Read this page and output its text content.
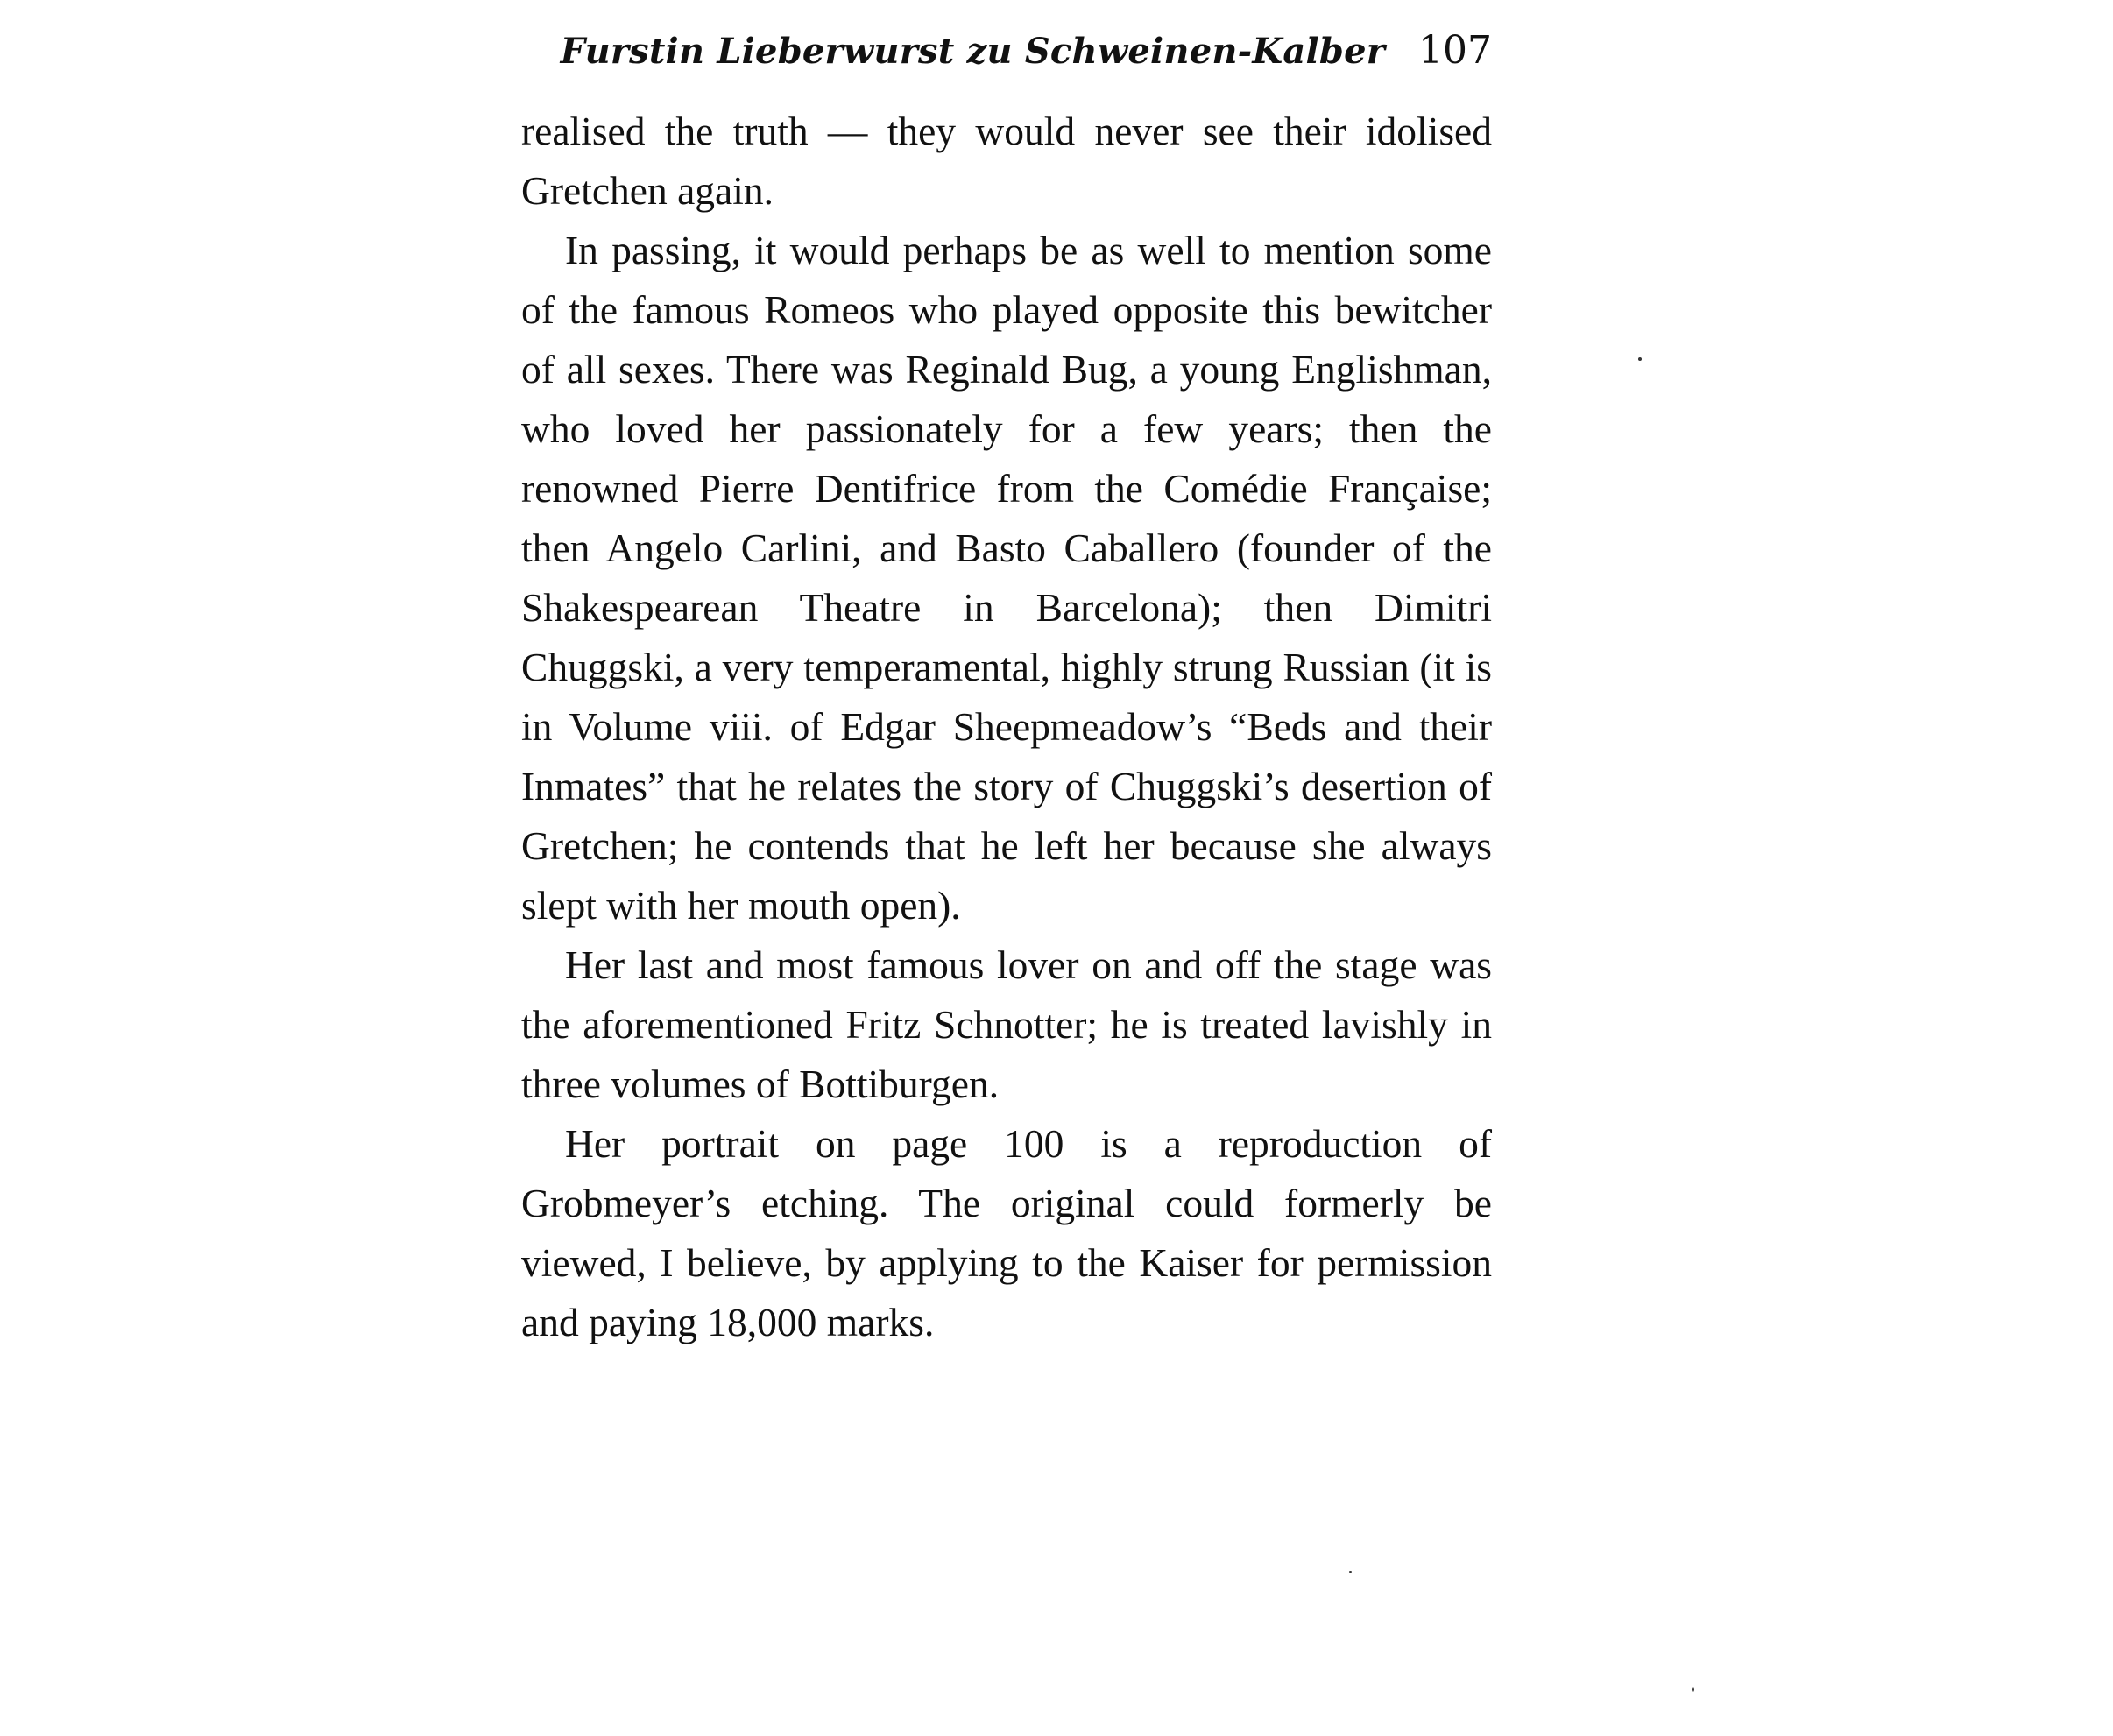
Furstin Lieberwurst zu Schweinen-Kalber 107

realised the truth — they would never see their idolised Gretchen again.

In passing, it would perhaps be as well to mention some of the famous Romeos who played opposite this bewitcher of all sexes. There was Reginald Bug, a young Englishman, who loved her passionately for a few years; then the renowned Pierre Dentifrice from the Comédie Française; then Angelo Carlini, and Basto Caballero (founder of the Shakespearean Theatre in Barcelona); then Dimitri Chuggski, a very temperamental, highly strung Russian (it is in Volume viii. of Edgar Sheepmeadow’s “Beds and their Inmates” that he relates the story of Chuggski’s desertion of Gretchen; he contends that he left her because she always slept with her mouth open).

Her last and most famous lover on and off the stage was the aforementioned Fritz Schnotter; he is treated lavishly in three volumes of Bottiburgen.

Her portrait on page 100 is a reproduction of Grobmeyer’s etching. The original could formerly be viewed, I believe, by applying to the Kaiser for permission and paying 18,000 marks.
